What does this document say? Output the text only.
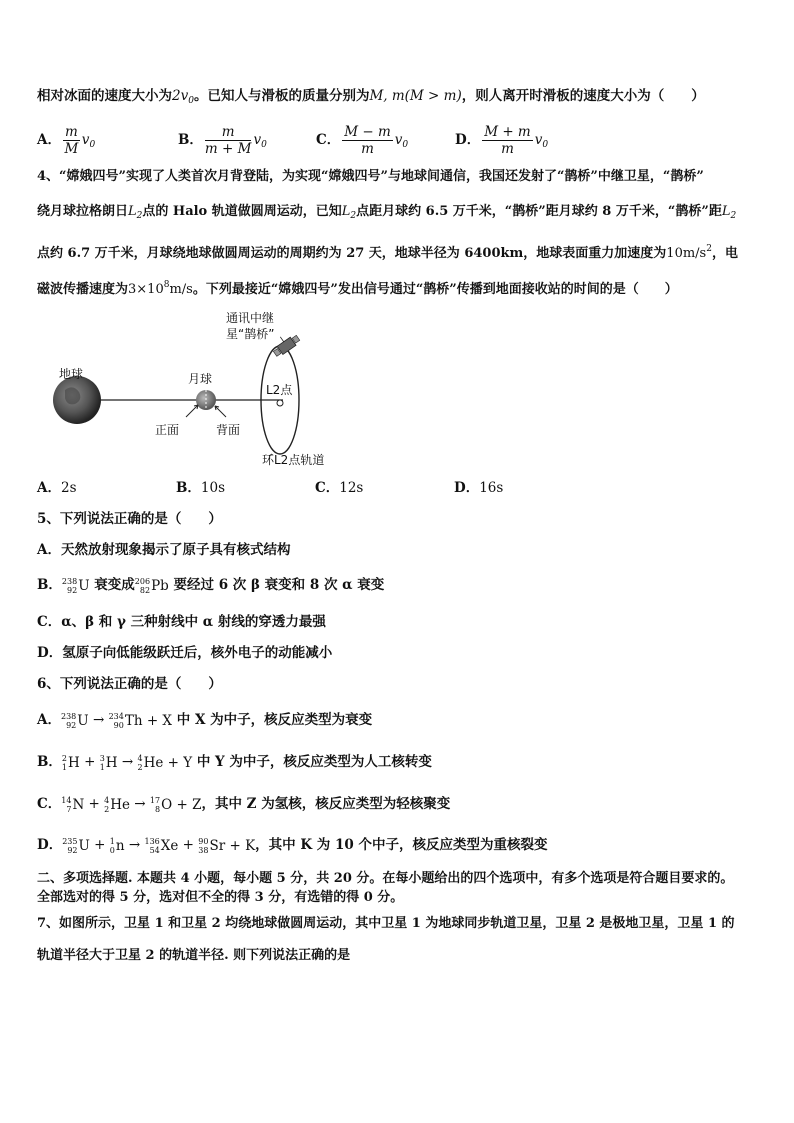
相对冰面的速度大小为$2v_0$。已知人与滑板的质量分别为M, m(M > m)，则人离开时滑板的速度大小为（　　）
A． $\frac{m}{M} v_0$	B． $\frac{m}{m + M} v_0$	C． $\frac{M - m}{m} v_0$	D． $\frac{M + m}{m} v_0$
4、“嫦娥四号”实现了人类首次月背登陆，为实现“嫦娥四号”与地球间通信，我国还发射了“鹊桥”中继卫星，“鹊桥”
绕月球拉格朗日$L_2$点的 Halo 轨道做圆周运动，已知$L_2$点距月球约 6.5 万千米，“鹊桥”距月球约 8 万千米，“鹊桥”距$L_2$
点约 6.7 万千米，月球绕地球做圆周运动的周期约为 27 天，地球半径为 6400km，地球表面重力加速度为$10m/s^2$，电
磁波传播速度为$3\times 10^8m/s$。下列最接近“嫦娥四号”发出信号通过“鹊桥”传播到地面接收站的时间的是（　　）
地球	月球
通讯中继
星“鹊桥”
L2点
正面	背面
环L2点轨道
A．2s	B．10s	C．12s	D．16s
5、下列说法正确的是（　　）
A．天然放射现象揭示了原子具有核式结构
B． 238
92 U 衰变成 206
82 Pb 要经过 6 次 β 衰变和 8 次 α 衰变
C．α、β 和 γ 三种射线中 α 射线的穿透力最强
D．氢原子向低能级跃迁后，核外电子的动能减小
6、下列说法正确的是（　　）
A． 238
92 U → 234
90 Th + X 中 X 为中子，核反应类型为衰变
B． 2
1 H + 3
1 H → 4
2 He + Y 中 Y 为中子，核反应类型为人工核转变
C． 14
7 N + 4
2 He → 17
8 O + Z，其中 Z 为氢核，核反应类型为轻核聚变
D． 235
92 U + 1
0 n → 136
54 Xe + 90
38 Sr + K，其中 K 为 10 个中子，核反应类型为重核裂变
二、多项选择题. 本题共 4 小题，每小题 5 分，共 20 分。在每小题给出的四个选项中，有多个选项是符合题目要求的。
全部选对的得 5 分，选对但不全的得 3 分，有选错的得 0 分。
7、如图所示，卫星 1 和卫星 2 均绕地球做圆周运动，其中卫星 1 为地球同步轨道卫星，卫星 2 是极地卫星，卫星 1 的
轨道半径大于卫星 2 的轨道半径. 则下列说法正确的是
